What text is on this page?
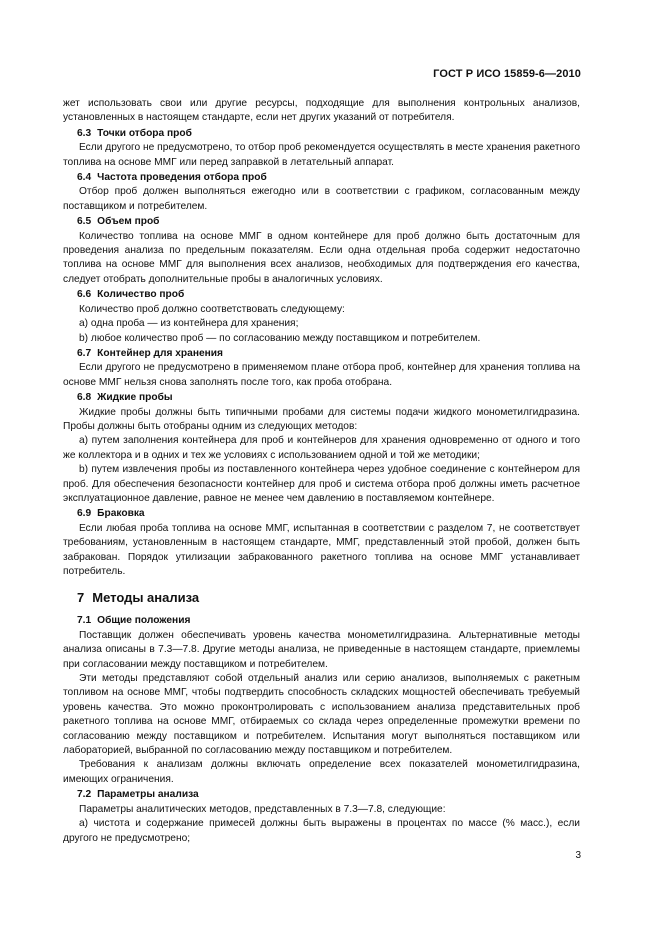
ГОСТ Р ИСО 15859-6—2010
жет использовать свои или другие ресурсы, подходящие для выполнения контрольных анализов, установленных в настоящем стандарте, если нет других указаний от потребителя.
6.3 Точки отбора проб
Если другого не предусмотрено, то отбор проб рекомендуется осуществлять в месте хранения ракетного топлива на основе ММГ или перед заправкой в летательный аппарат.
6.4 Частота проведения отбора проб
Отбор проб должен выполняться ежегодно или в соответствии с графиком, согласованным между поставщиком и потребителем.
6.5 Объем проб
Количество топлива на основе ММГ в одном контейнере для проб должно быть достаточным для проведения анализа по предельным показателям. Если одна отдельная проба содержит недостаточно топлива на основе ММГ для выполнения всех анализов, необходимых для подтверждения его качества, следует отобрать дополнительные пробы в аналогичных условиях.
6.6 Количество проб
Количество проб должно соответствовать следующему:
а) одна проба — из контейнера для хранения;
b) любое количество проб — по согласованию между поставщиком и потребителем.
6.7 Контейнер для хранения
Если другого не предусмотрено в применяемом плане отбора проб, контейнер для хранения топлива на основе ММГ нельзя снова заполнять после того, как проба отобрана.
6.8 Жидкие пробы
Жидкие пробы должны быть типичными пробами для системы подачи жидкого монометилгидразина. Пробы должны быть отобраны одним из следующих методов:
а) путем заполнения контейнера для проб и контейнеров для хранения одновременно от одного и того же коллектора и в одних и тех же условиях с использованием одной и той же методики;
b) путем извлечения пробы из поставленного контейнера через удобное соединение с контейнером для проб. Для обеспечения безопасности контейнер для проб и система отбора проб должны иметь расчетное эксплуатационное давление, равное не менее чем давлению в поставляемом контейнере.
6.9 Браковка
Если любая проба топлива на основе ММГ, испытанная в соответствии с разделом 7, не соответствует требованиям, установленным в настоящем стандарте, ММГ, представленный этой пробой, должен быть забракован. Порядок утилизации забракованного ракетного топлива на основе ММГ устанавливает потребитель.
7 Методы анализа
7.1 Общие положения
Поставщик должен обеспечивать уровень качества монометилгидразина. Альтернативные методы анализа описаны в 7.3—7.8. Другие методы анализа, не приведенные в настоящем стандарте, приемлемы при согласовании между поставщиком и потребителем.
Эти методы представляют собой отдельный анализ или серию анализов, выполняемых с ракетным топливом на основе ММГ, чтобы подтвердить способность складских мощностей обеспечивать требуемый уровень качества. Это можно проконтролировать с использованием анализа представительных проб ракетного топлива на основе ММГ, отбираемых со склада через определенные промежутки времени по согласованию между поставщиком и потребителем. Испытания могут выполняться поставщиком или лабораторией, выбранной по согласованию между поставщиком и потребителем.
Требования к анализам должны включать определение всех показателей монометилгидразина, имеющих ограничения.
7.2 Параметры анализа
Параметры аналитических методов, представленных в 7.3—7.8, следующие:
а) чистота и содержание примесей должны быть выражены в процентах по массе (% масс.), если другого не предусмотрено;
3
